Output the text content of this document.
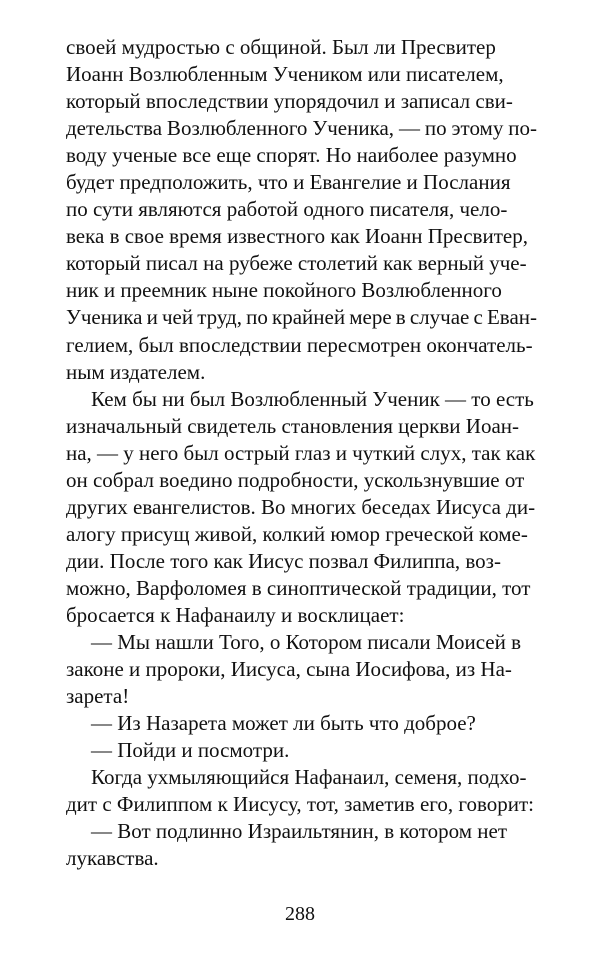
своей мудростью с общиной. Был ли Пресвитер
Иоанн Возлюбленным Учеником или писателем,
который впоследствии упорядочил и записал сви-
детельства Возлюбленного Ученика, — по этому по-
воду ученые все еще спорят. Но наиболее разумно
будет предположить, что и Евангелие и Послания
по сути являются работой одного писателя, чело-
века в свое время известного как Иоанн Пресвитер,
который писал на рубеже столетий как верный уче-
ник и преемник ныне покойного Возлюбленного
Ученика и чей труд, по крайней мере в случае с Еван-
гелием, был впоследствии пересмотрен окончатель-
ным издателем.
Кем бы ни был Возлюбленный Ученик — то есть
изначальный свидетель становления церкви Иоан-
на, — у него был острый глаз и чуткий слух, так как
он собрал воедино подробности, ускользнувшие от
других евангелистов. Во многих беседах Иисуса ди-
алогу присущ живой, колкий юмор греческой коме-
дии. После того как Иисус позвал Филиппа, воз-
можно, Варфоломея в синоптической традиции, тот
бросается к Нафанаилу и восклицает:
— Мы нашли Того, о Котором писали Моисей в
законе и пророки, Иисуса, сына Иосифова, из На-
зарета!
— Из Назарета может ли быть что доброе?
— Пойди и посмотри.
Когда ухмыляющийся Нафанаил, семеня, подхо-
дит с Филиппом к Иисусу, тот, заметив его, говорит:
— Вот подлинно Израильтянин, в котором нет
лукавства.
288
